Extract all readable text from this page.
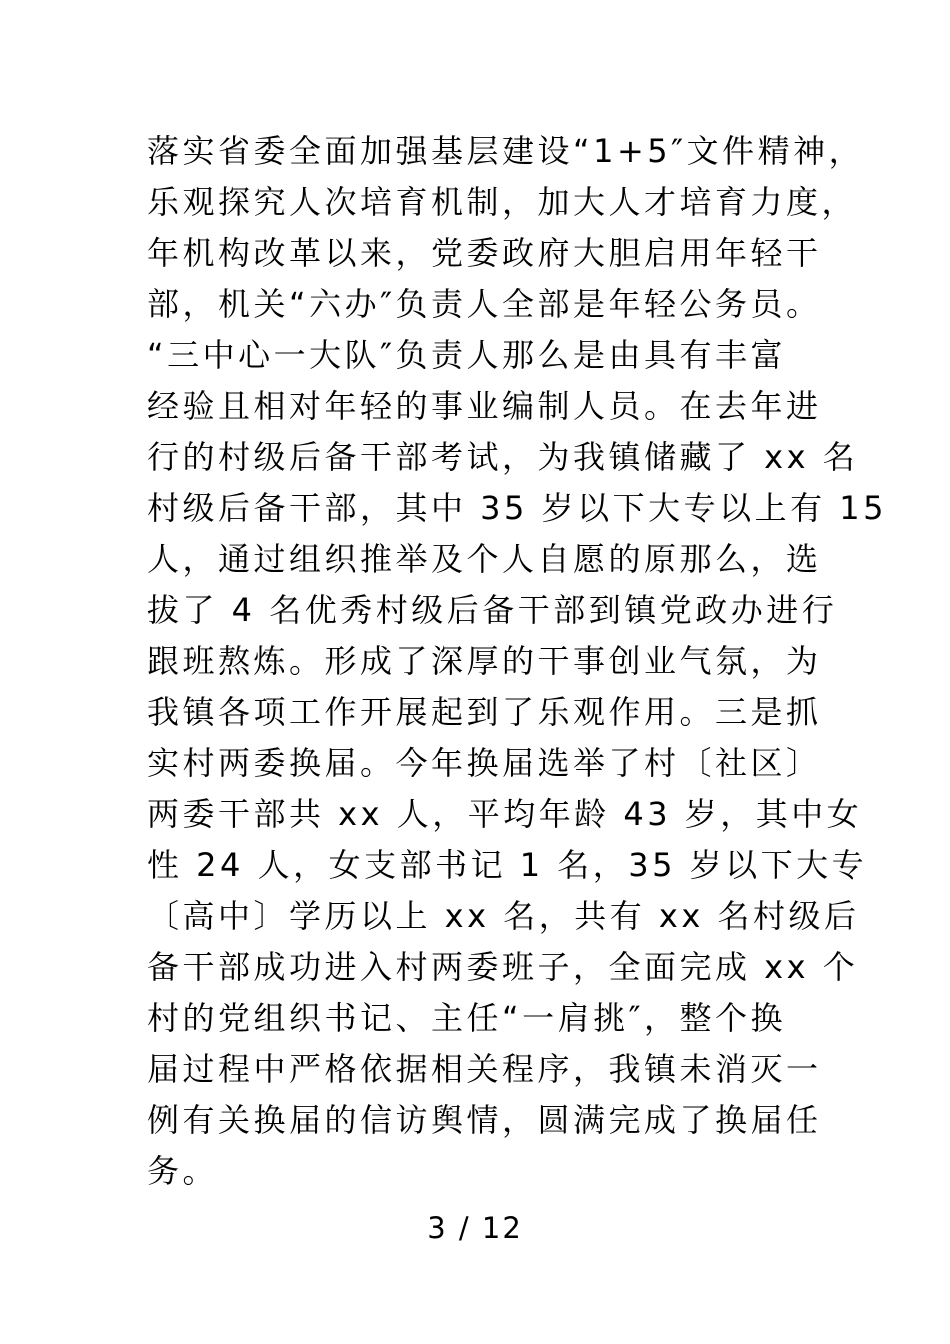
落实省委全面加强基层建设“1+5″文件精神，
乐观探究人次培育机制，加大人才培育力度，
年机构改革以来，党委政府大胆启用年轻干
部，机关“六办″负责人全部是年轻公务员。
“三中心一大队″负责人那么是由具有丰富
经验且相对年轻的事业编制人员。在去年进
行的村级后备干部考试，为我镇储藏了 xx 名
村级后备干部，其中 35 岁以下大专以上有 15
人，通过组织推举及个人自愿的原那么，选
拔了 4 名优秀村级后备干部到镇党政办进行
跟班熬炼。形成了深厚的干事创业气氛，为
我镇各项工作开展起到了乐观作用。三是抓
实村两委换届。今年换届选举了村〔社区〕
两委干部共 xx 人，平均年龄 43 岁，其中女
性 24 人，女支部书记 1 名，35 岁以下大专
〔高中〕学历以上 xx 名，共有 xx 名村级后
备干部成功进入村两委班子，全面完成 xx 个
村的党组织书记、主任“一肩挑″，整个换
届过程中严格依据相关程序，我镇未消灭一
例有关换届的信访舆情，圆满完成了换届任
务。
3 / 12
